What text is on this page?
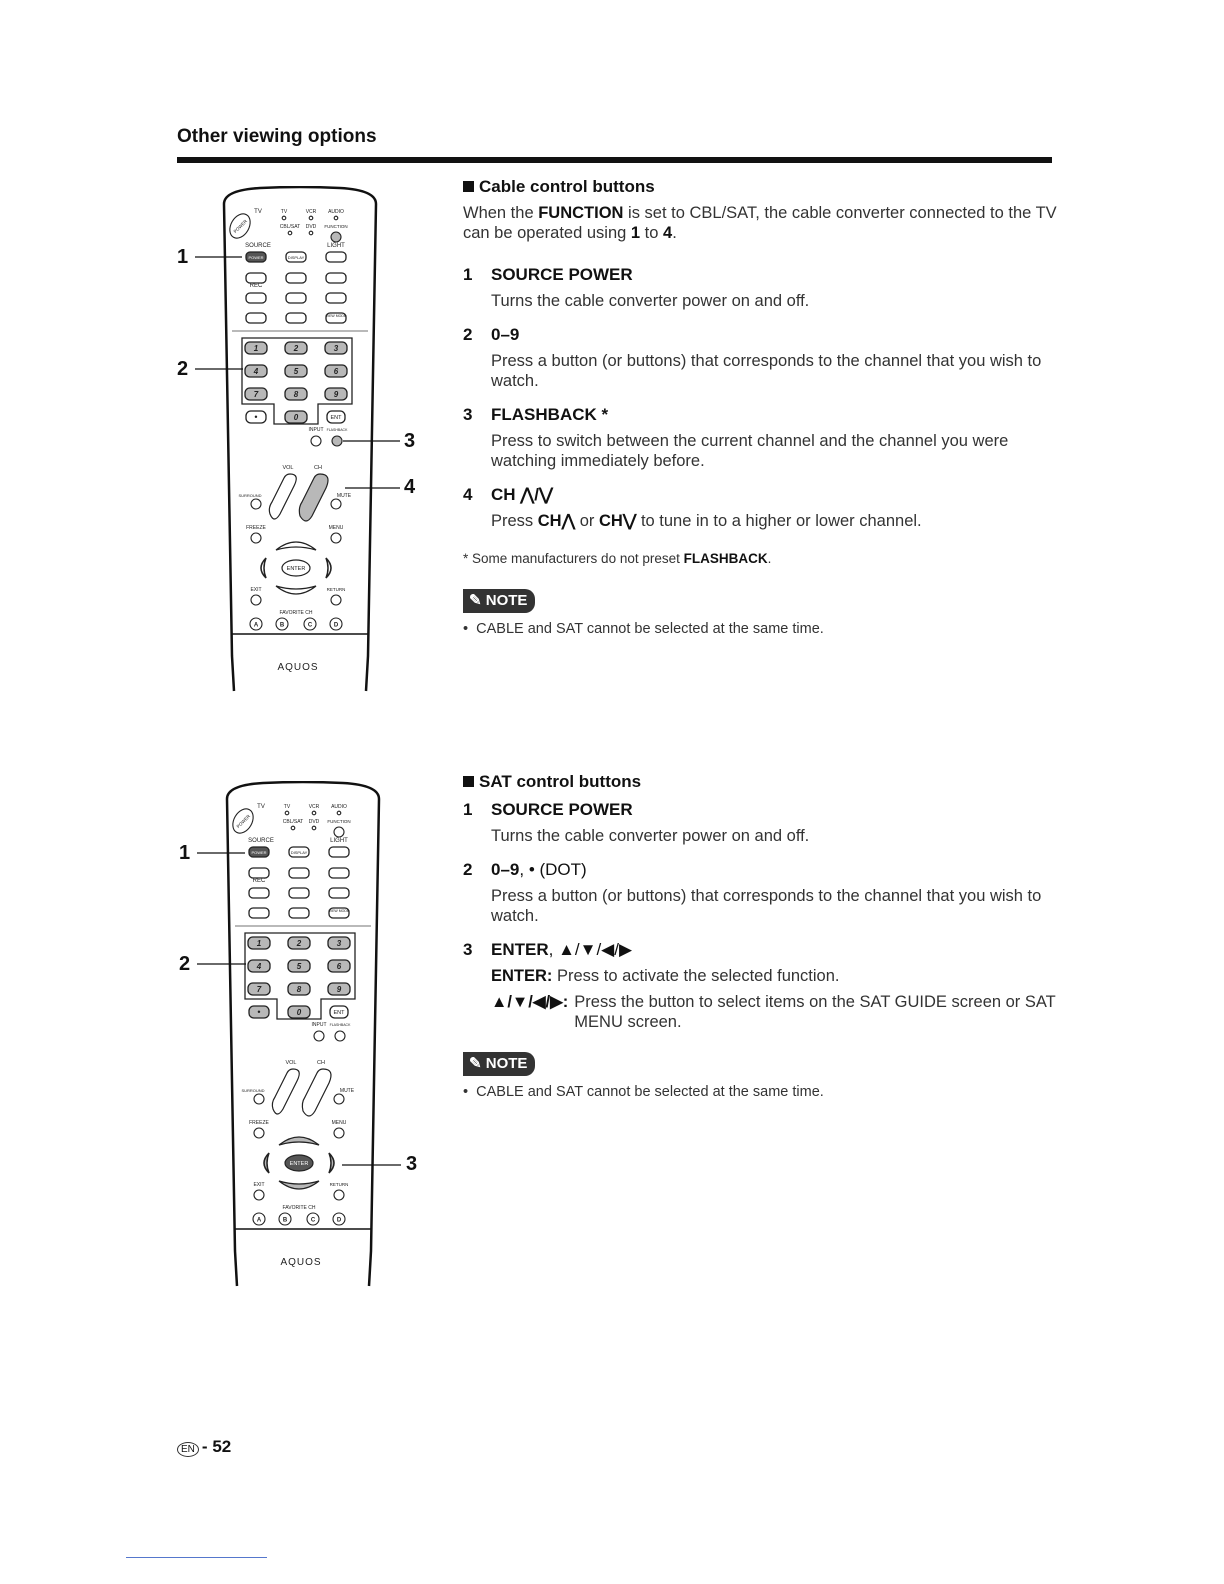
Other viewing options
TV	TV	VCR AUDIO
CBL/SAT DVD FUNCTION
POWER
SOURCE	LIGHT
POWER	DISPLAY
REC
VIEW MODE
1	2	3
4	5	6
7	8	9
•	0	ENT
INPUT FLASHBACK
VOL	CH
SURROUND	MUTE
FREEZE	MENU
ENTER
EXIT	RETURN
FAVORITE CH
A	B	C	D
AQUOS
1
2
3
4
Cable control buttons

When the FUNCTION is set to CBL/SAT, the cable converter connected to the TV can be operated using 1 to 4.

1 SOURCE POWER
Turns the cable converter power on and off.
2 0–9
Press a button (or buttons) that corresponds to the channel that you wish to watch.
3 FLASHBACK *
Press to switch between the current channel and the channel you were watching immediately before.
4 CH ⋀/⋁
Press CH⋀ or CH⋁ to tune in to a higher or lower channel.
* Some manufacturers do not preset FLASHBACK.
✎ NOTE
•  CABLE and SAT cannot be selected at the same time.
TV	TV	VCR AUDIO
CBL/SAT DVD FUNCTION
POWER
SOURCE	LIGHT
POWER	DISPLAY
REC
VIEW MODE
1	2	3
4	5	6
7	8	9
•	0	ENT
INPUT FLASHBACK
VOL	CH
SURROUND	MUTE
FREEZE	MENU
ENTER
EXIT	RETURN
FAVORITE CH
A	B	C	D
AQUOS
1
2
3
SAT control buttons
1 SOURCE POWER
Turns the cable converter power on and off.
2 0–9, • (DOT)
Press a button (or buttons) that corresponds to the channel that you wish to watch.
3 ENTER, ▲/▼/◀/▶
ENTER: Press to activate the selected function.
▲/▼/◀/▶: Press the button to select items on the SAT GUIDE screen or SAT MENU screen.
✎ NOTE
•  CABLE and SAT cannot be selected at the same time.
EN - 52
